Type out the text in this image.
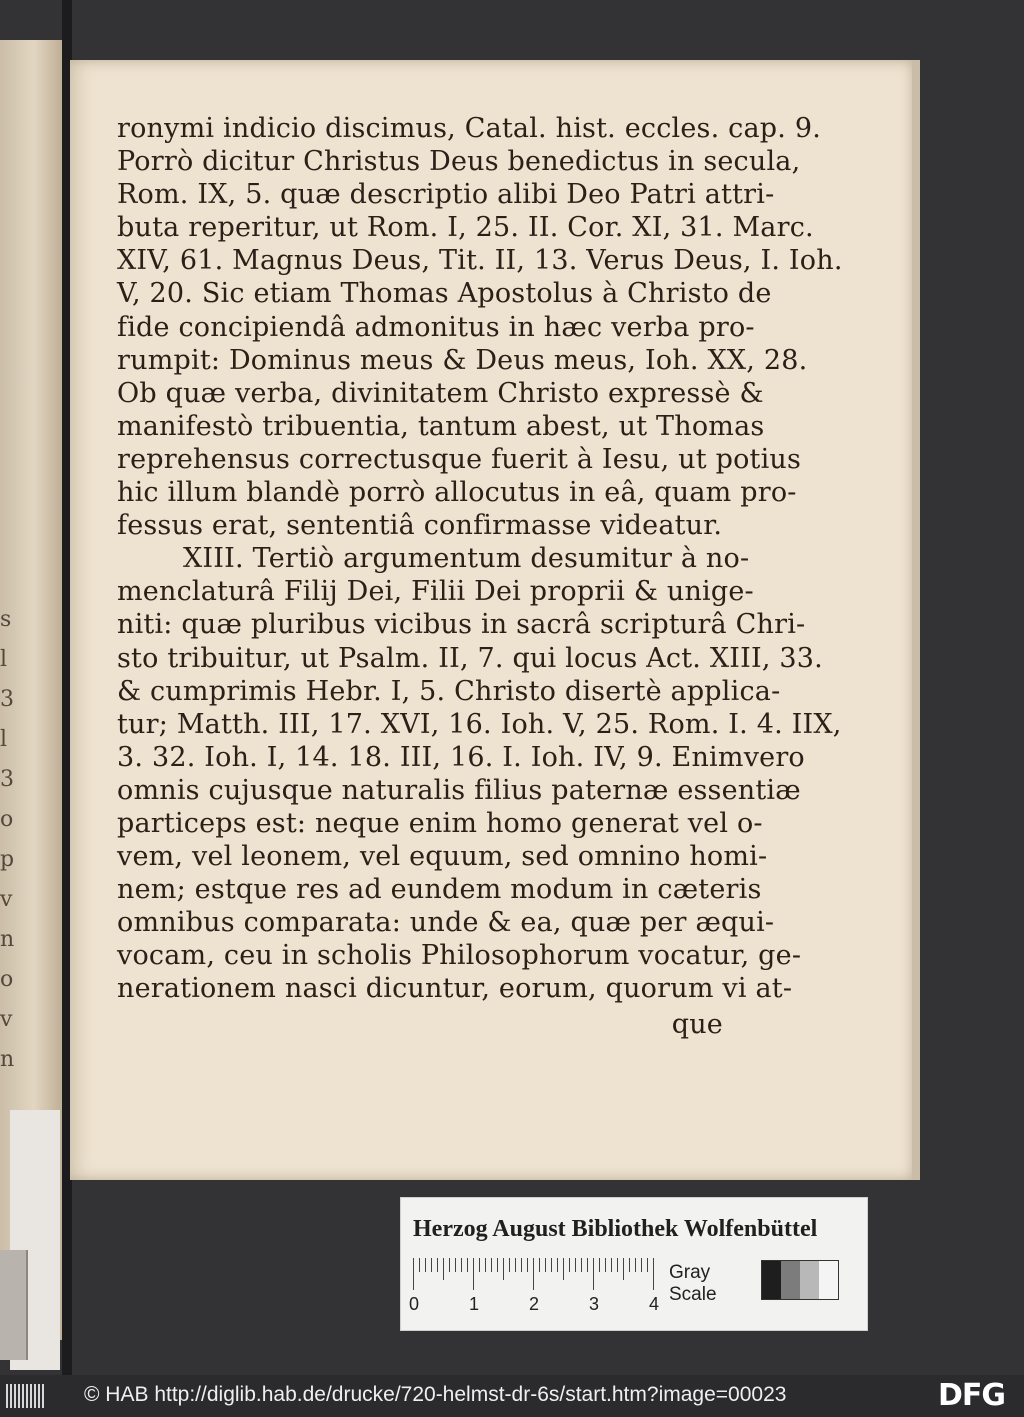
s
l
3
l
3
o
p
v
n
o
v
n
ronymi indicio discimus, Catal. hist. eccles. cap. 9.
Porrò dicitur Christus Deus benedictus in secula,
Rom. IX, 5. quæ descriptio alibi Deo Patri attri-
buta reperitur, ut Rom. I, 25. II. Cor. XI, 31. Marc.
XIV, 61. Magnus Deus, Tit. II, 13. Verus Deus, I. Ioh.
V, 20. Sic etiam Thomas Apostolus à Christo de
fide concipiendâ admonitus in hæc verba pro-
rumpit: Dominus meus & Deus meus, Ioh. XX, 28.
Ob quæ verba, divinitatem Christo expressè &
manifestò tribuentia, tantum abest, ut Thomas
reprehensus correctusque fuerit à Iesu, ut potius
hic illum blandè porrò allocutus in eâ, quam pro-
fessus erat, sententiâ confirmasse videatur.
XIII. Tertiò argumentum desumitur à no-
menclaturâ Filij Dei, Filii Dei proprii & unige-
niti: quæ pluribus vicibus in sacrâ scripturâ Chri-
sto tribuitur, ut Psalm. II, 7. qui locus Act. XIII, 33.
& cumprimis Hebr. I, 5. Christo disertè applica-
tur; Matth. III, 17. XVI, 16. Ioh. V, 25. Rom. I. 4. IIX,
3. 32. Ioh. I, 14. 18. III, 16. I. Ioh. IV, 9. Enimvero
omnis cujusque naturalis filius paternæ essentiæ
particeps est: neque enim homo generat vel o-
vem, vel leonem, vel equum, sed omnino homi-
nem; estque res ad eundem modum in cæteris
omnibus comparata: unde & ea, quæ per æqui-
vocam, ceu in scholis Philosophorum vocatur, ge-
nerationem nasci dicuntur, eorum, quorum vi at-
que
Herzog August Bibliothek Wolfenbüttel
0	1	2	3	4
Gray Scale
© HAB http://diglib.hab.de/drucke/720-helmst-dr-6s/start.htm?image=00023	DFG
